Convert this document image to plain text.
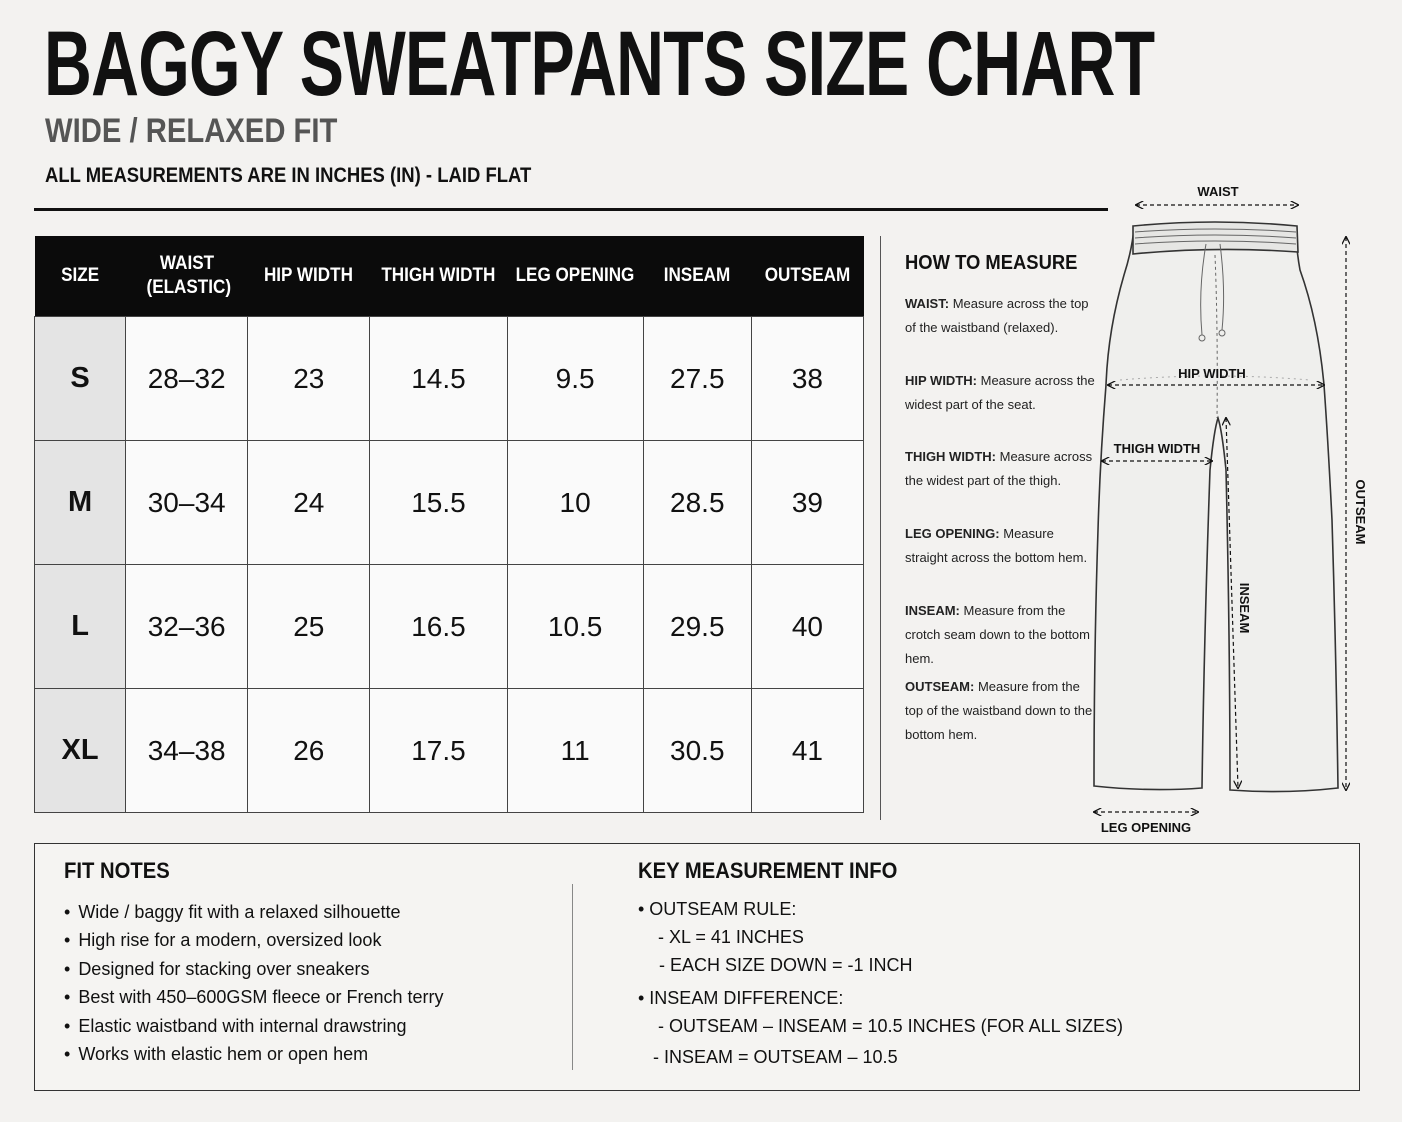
BAGGY SWEATPANTS SIZE CHART
WIDE / RELAXED FIT
ALL MEASUREMENTS ARE IN INCHES (IN) - LAID FLAT
SIZE	WAIST (ELASTIC)	HIP WIDTH	THIGH WIDTH	LEG OPENING	INSEAM	OUTSEAM
S	28–32	23	14.5	9.5	27.5	38
M	30–34	24	15.5	10	28.5	39
L	32–36	25	16.5	10.5	29.5	40
XL	34–38	26	17.5	11	30.5	41
HOW TO MEASURE
WAIST: Measure across the top of the waistband (relaxed).
HIP WIDTH: Measure across the widest part of the seat.
THIGH WIDTH: Measure across the widest part of the thigh.
LEG OPENING: Measure straight across the bottom hem.
INSEAM: Measure from the crotch seam down to the bottom hem.
OUTSEAM: Measure from the top of the waistband down to the bottom hem.
WAIST
HIP WIDTH
THIGH WIDTH
INSEAM
OUTSEAM
LEG OPENING
FIT NOTES
• Wide / baggy fit with a relaxed silhouette
• High rise for a modern, oversized look
• Designed for stacking over sneakers
• Best with 450–600GSM fleece or French terry
• Elastic waistband with internal drawstring
• Works with elastic hem or open hem
KEY MEASUREMENT INFO
• OUTSEAM RULE:
- XL = 41 INCHES
- EACH SIZE DOWN = -1 INCH
• INSEAM DIFFERENCE:
- OUTSEAM – INSEAM = 10.5 INCHES (FOR ALL SIZES)
- INSEAM = OUTSEAM – 10.5
